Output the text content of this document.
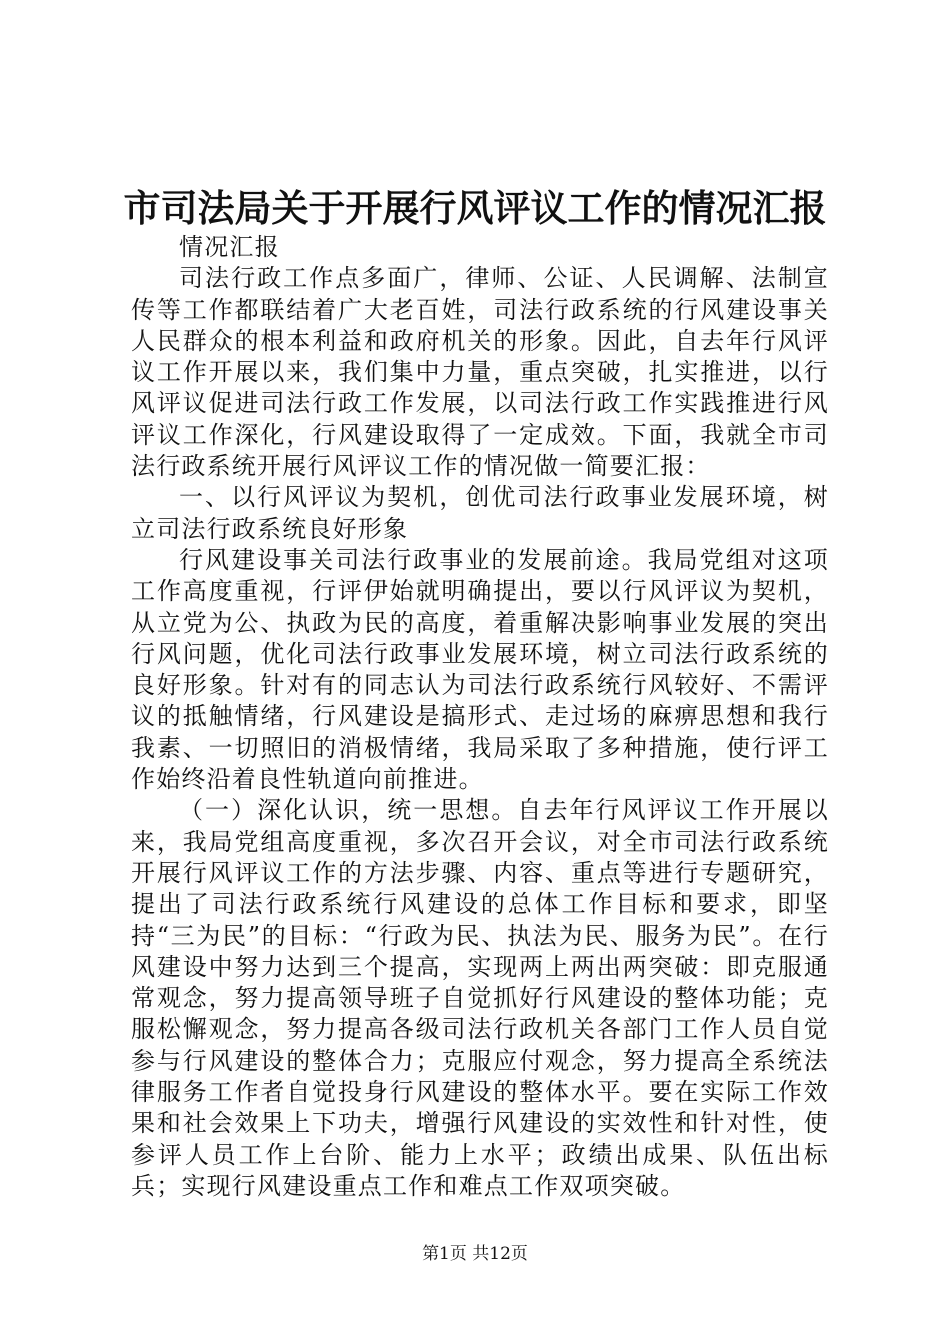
市司法局关于开展行风评议工作的情况汇报

情况汇报

司法行政工作点多面广，律师、公证、人民调解、法制宣传等工作都联结着广大老百姓，司法行政系统的行风建设事关人民群众的根本利益和政府机关的形象。因此，自去年行风评议工作开展以来，我们集中力量，重点突破，扎实推进，以行风评议促进司法行政工作发展，以司法行政工作实践推进行风评议工作深化，行风建设取得了一定成效。下面，我就全市司法行政系统开展行风评议工作的情况做一简要汇报：

一、以行风评议为契机，创优司法行政事业发展环境，树立司法行政系统良好形象

行风建设事关司法行政事业的发展前途。我局党组对这项工作高度重视，行评伊始就明确提出，要以行风评议为契机，从立党为公、执政为民的高度，着重解决影响事业发展的突出行风问题，优化司法行政事业发展环境，树立司法行政系统的良好形象。针对有的同志认为司法行政系统行风较好、不需评议的抵触情绪，行风建设是搞形式、走过场的麻痹思想和我行我素、一切照旧的消极情绪，我局采取了多种措施，使行评工作始终沿着良性轨道向前推进。

（一）深化认识，统一思想。自去年行风评议工作开展以来，我局党组高度重视，多次召开会议，对全市司法行政系统开展行风评议工作的方法步骤、内容、重点等进行专题研究，提出了司法行政系统行风建设的总体工作目标和要求，即坚持“三为民”的目标：“行政为民、执法为民、服务为民”。在行风建设中努力达到三个提高，实现两上两出两突破：即克服通常观念，努力提高领导班子自觉抓好行风建设的整体功能；克服松懈观念，努力提高各级司法行政机关各部门工作人员自觉参与行风建设的整体合力；克服应付观念，努力提高全系统法律服务工作者自觉投身行风建设的整体水平。要在实际工作效果和社会效果上下功夫，增强行风建设的实效性和针对性，使参评人员工作上台阶、能力上水平；政绩出成果、队伍出标兵；实现行风建设重点工作和难点工作双项突破。

第1页 共12页
